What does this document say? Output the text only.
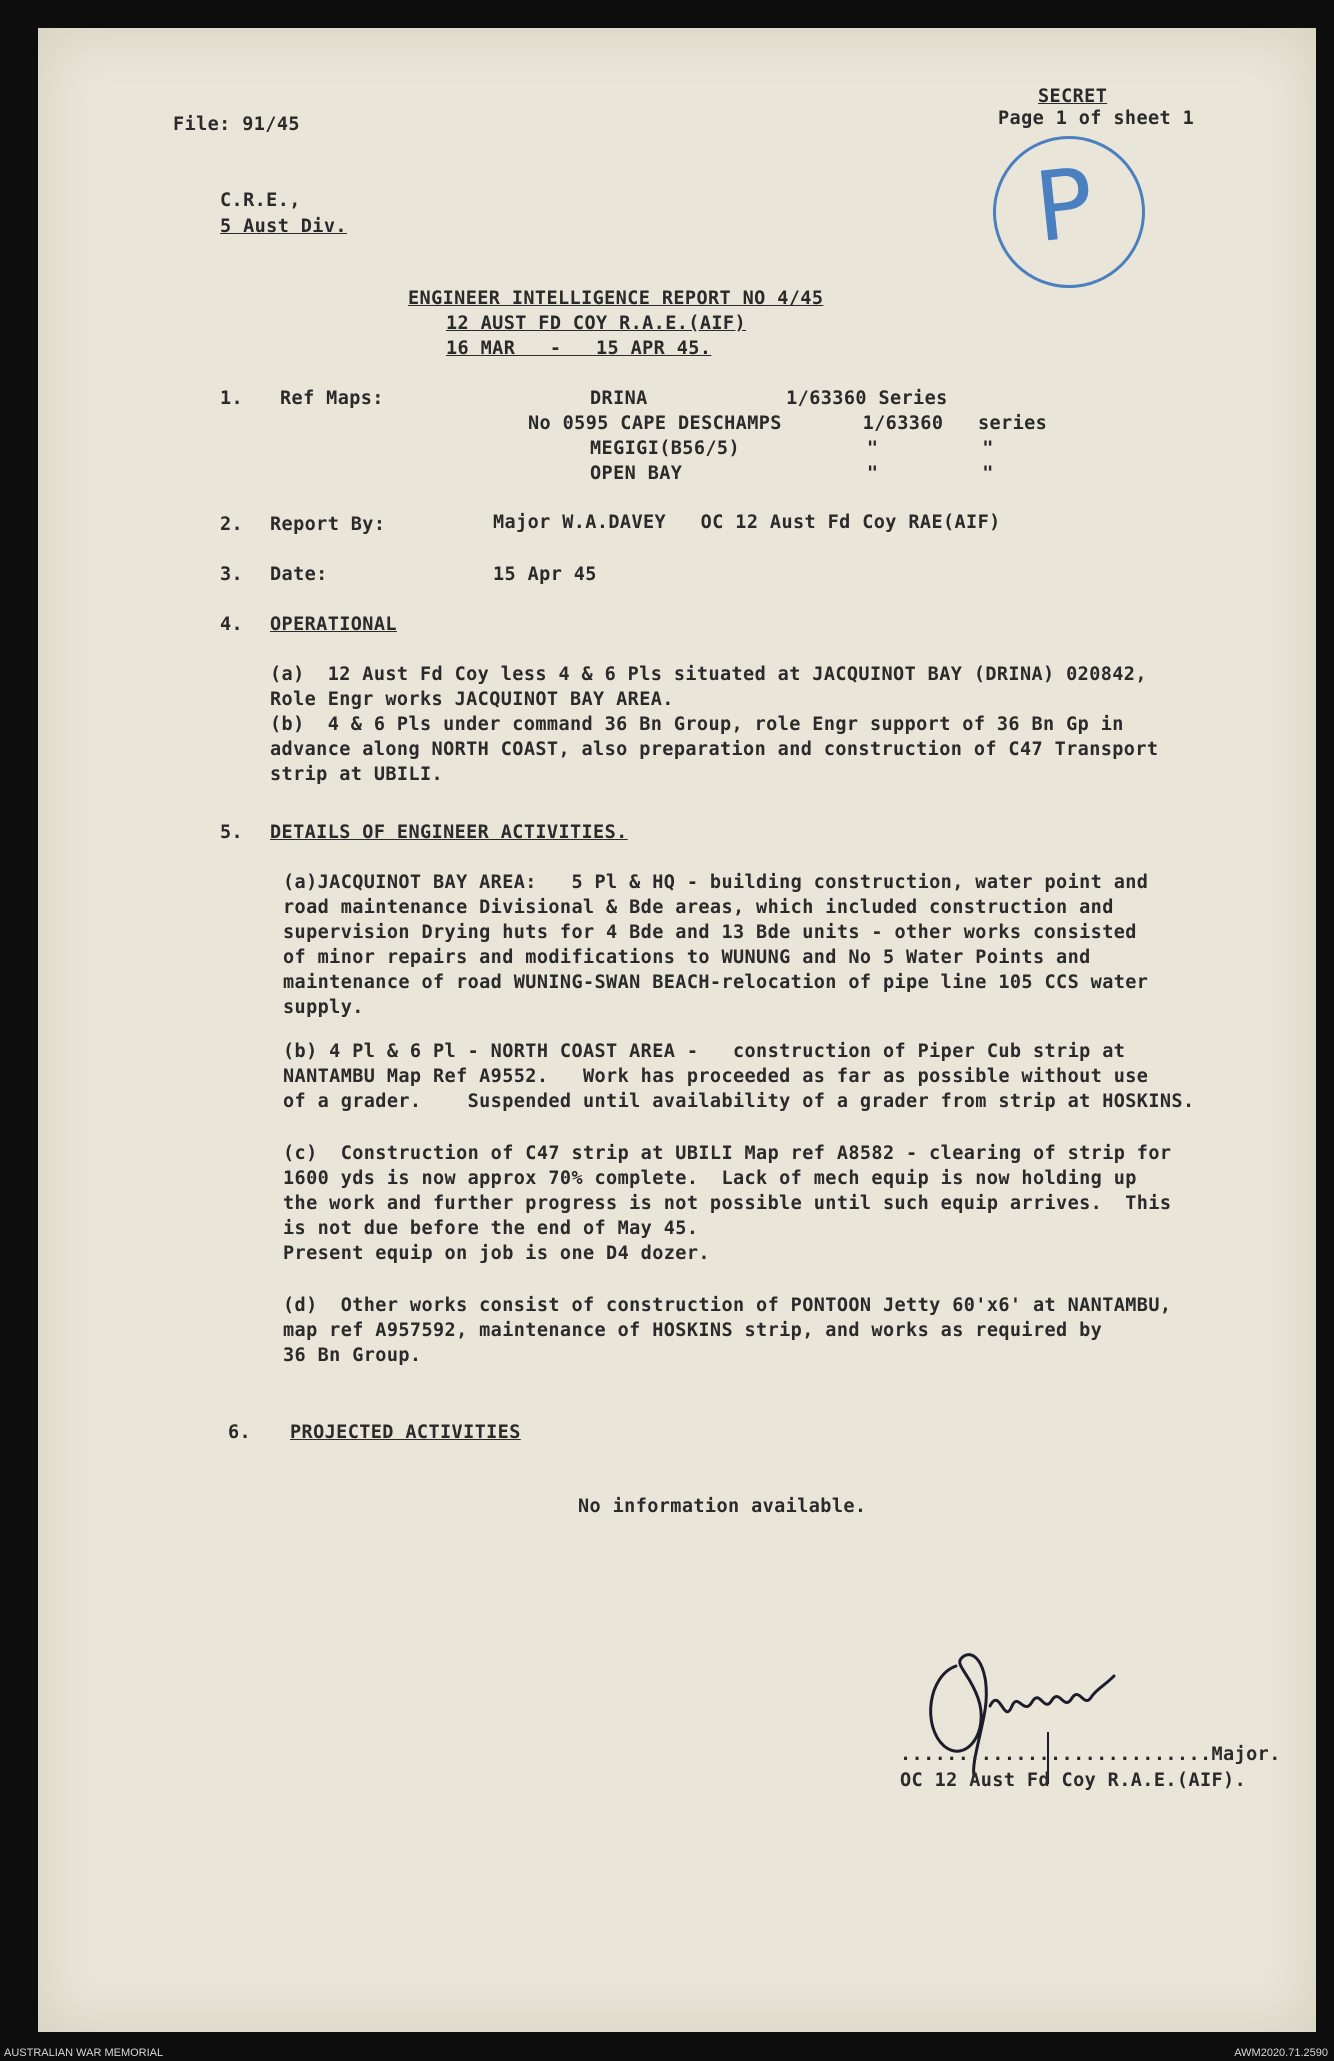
File: 91/45

SECRET

Page 1 of sheet 1

P

C.R.E.,

5 Aust Div.

ENGINEER INTELLIGENCE REPORT NO 4/45

12 AUST FD COY R.A.E.(AIF)

16 MAR   -   15 APR 45.

1. Ref Maps:	DRINA            1/63360 Series

No 0595 CAPE DESCHAMPS       1/63360   series

MEGIGI(B56/5)           "         "

OPEN BAY                "         "

2. Report By:	Major W.A.DAVEY   OC 12 Aust Fd Coy RAE(AIF)

3. Date:	15 Apr 45

4. OPERATIONAL

(a)  12 Aust Fd Coy less 4 & 6 Pls situated at JACQUINOT BAY (DRINA) 020842,

Role Engr works JACQUINOT BAY AREA.

(b)  4 & 6 Pls under command 36 Bn Group, role Engr support of 36 Bn Gp in

advance along NORTH COAST, also preparation and construction of C47 Transport

strip at UBILI.

5. DETAILS OF ENGINEER ACTIVITIES.

(a)JACQUINOT BAY AREA:   5 Pl & HQ - building construction, water point and

road maintenance Divisional & Bde areas, which included construction and

supervision Drying huts for 4 Bde and 13 Bde units - other works consisted

of minor repairs and modifications to WUNUNG and No 5 Water Points and

maintenance of road WUNING-SWAN BEACH-relocation of pipe line 105 CCS water

supply.

(b) 4 Pl & 6 Pl - NORTH COAST AREA -   construction of Piper Cub strip at

NANTAMBU Map Ref A9552.   Work has proceeded as far as possible without use

of a grader.    Suspended until availability of a grader from strip at HOSKINS.

(c)  Construction of C47 strip at UBILI Map ref A8582 - clearing of strip for

1600 yds is now approx 70% complete.  Lack of mech equip is now holding up

the work and further progress is not possible until such equip arrives.  This

is not due before the end of May 45.

Present equip on job is one D4 dozer.

(d)  Other works consist of construction of PONTOON Jetty 60'x6' at NANTAMBU,

map ref A957592, maintenance of HOSKINS strip, and works as required by

36 Bn Group.

6. PROJECTED ACTIVITIES

No information available.

...........................Major.

OC 12 Aust Fd Coy R.A.E.(AIF).

AUSTRALIAN WAR MEMORIAL	AWM2020.71.2590
